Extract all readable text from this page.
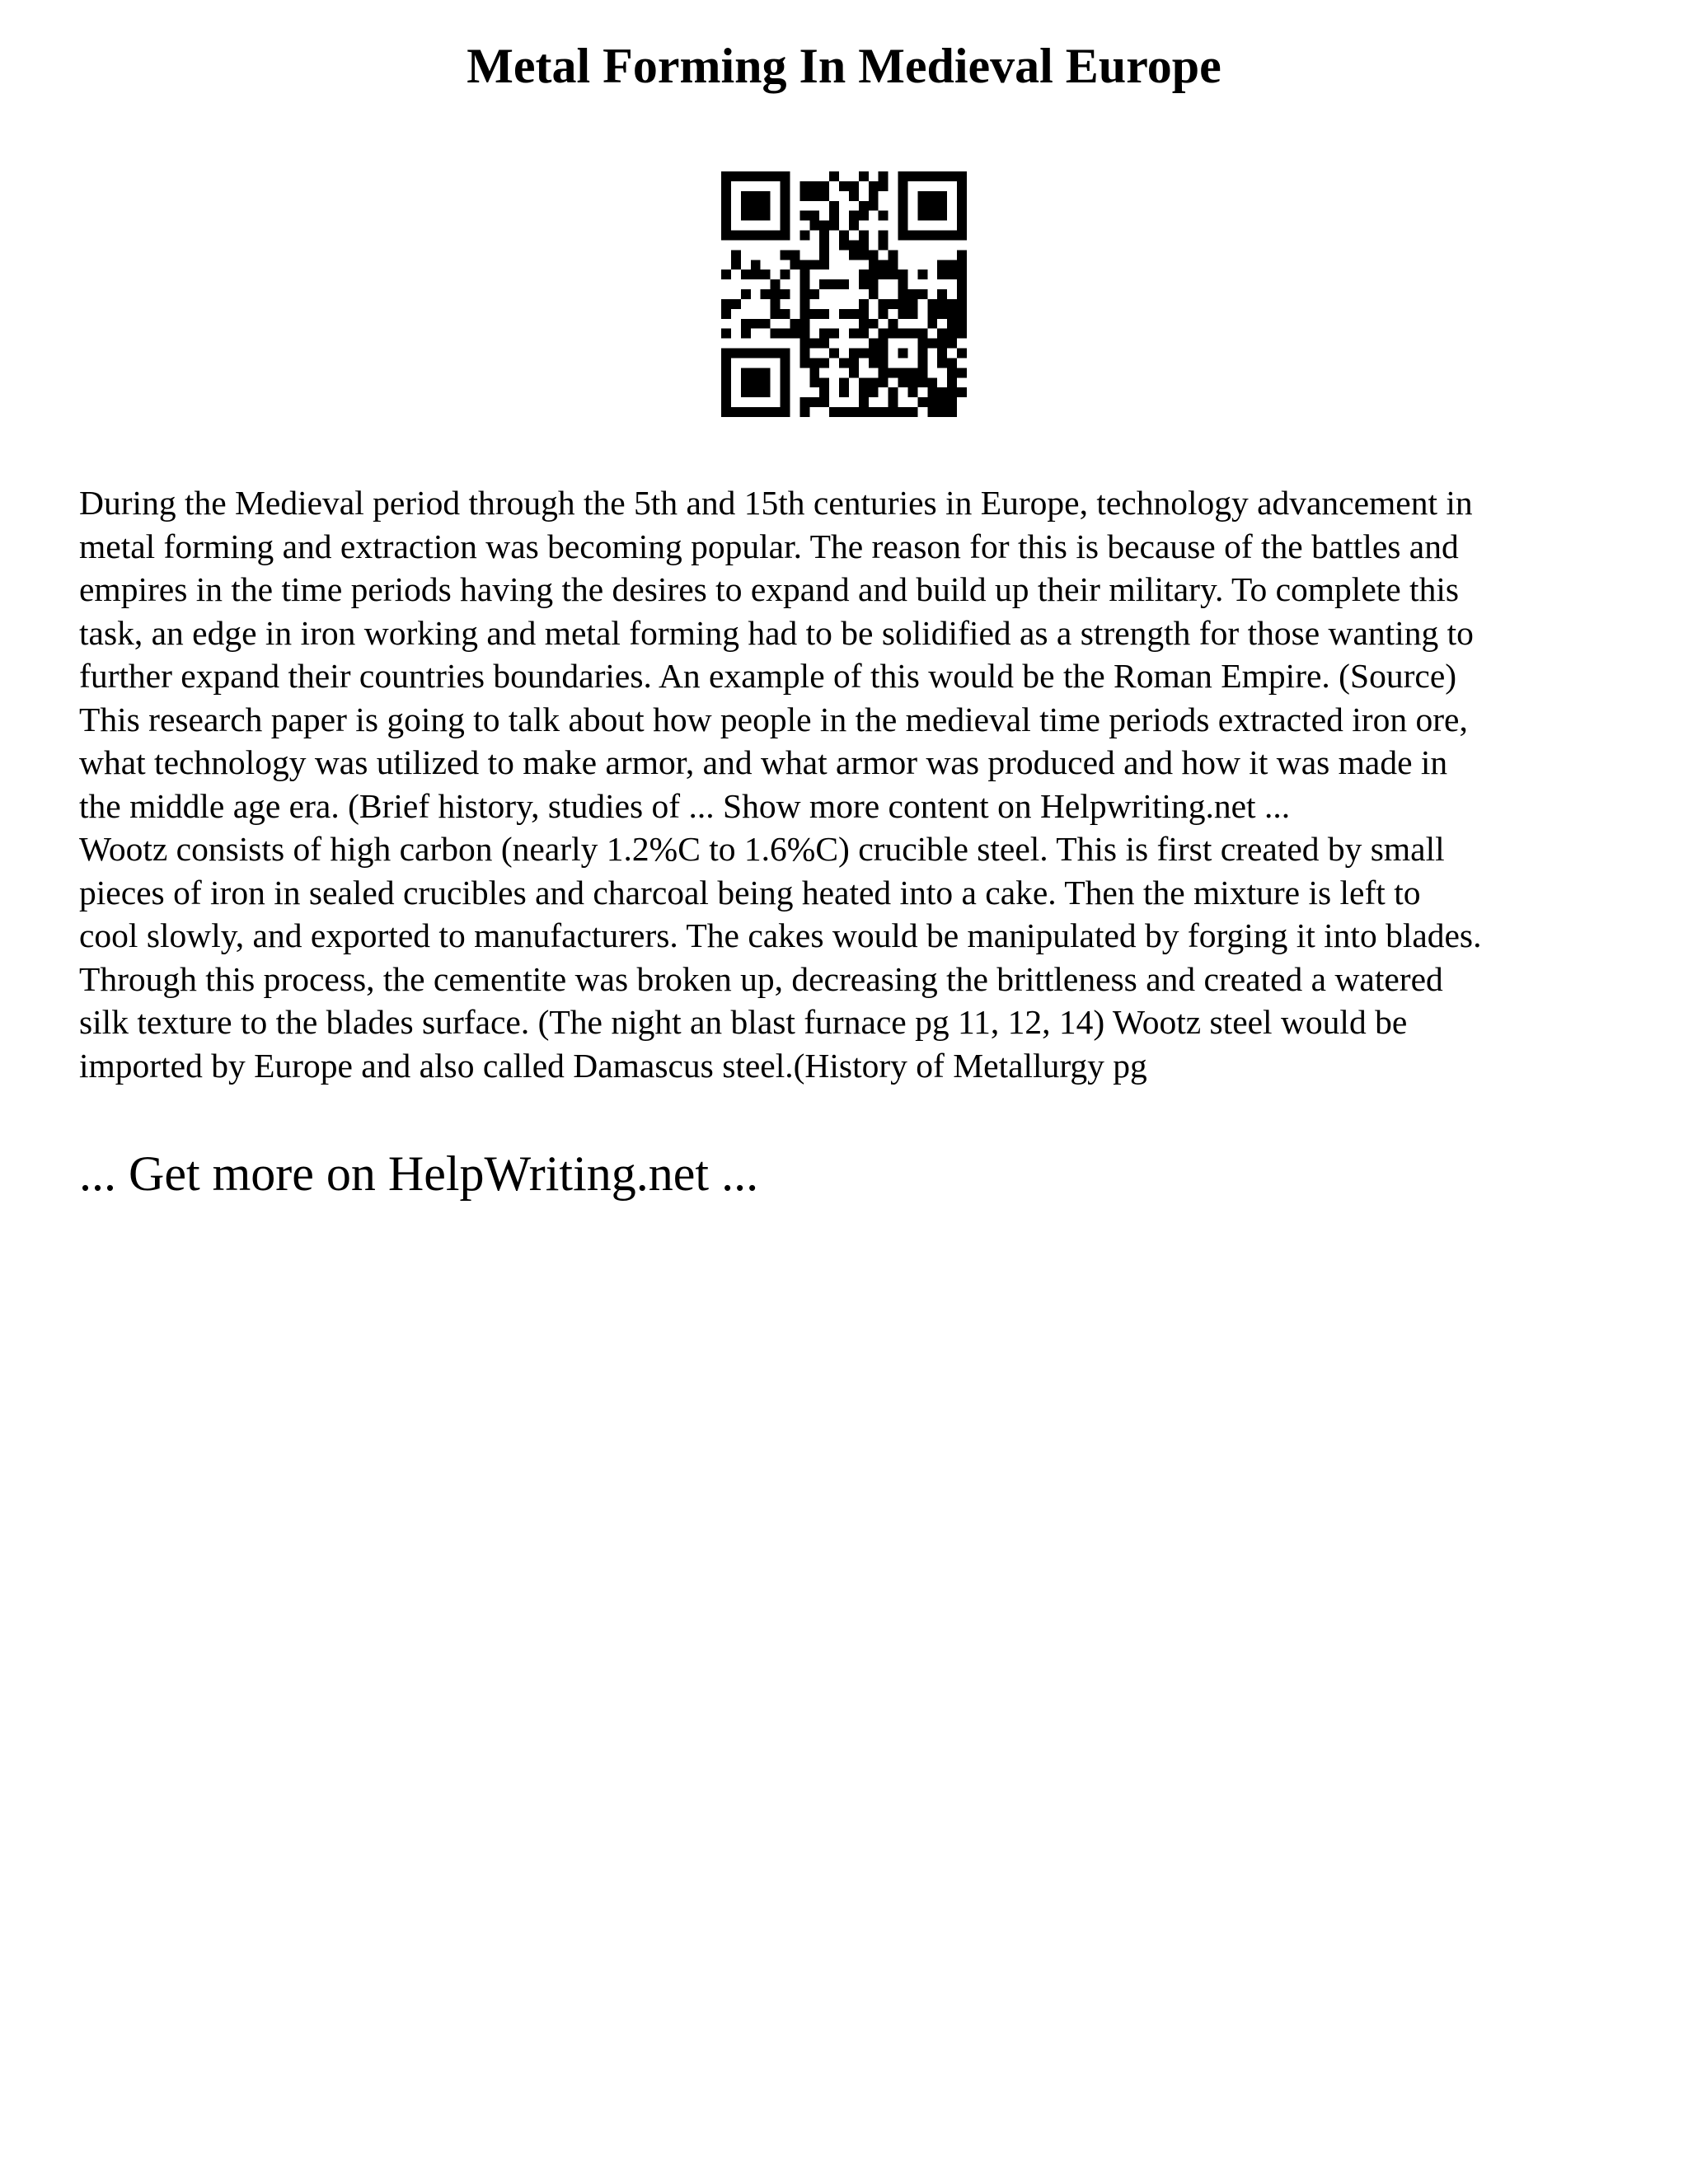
Metal Forming In Medieval Europe

During the Medieval period through the 5th and 15th centuries in Europe, technology advancement in
metal forming and extraction was becoming popular. The reason for this is because of the battles and
empires in the time periods having the desires to expand and build up their military. To complete this
task, an edge in iron working and metal forming had to be solidified as a strength for those wanting to
further expand their countries boundaries. An example of this would be the Roman Empire. (Source)
This research paper is going to talk about how people in the medieval time periods extracted iron ore,
what technology was utilized to make armor, and what armor was produced and how it was made in
the middle age era. (Brief history, studies of ... Show more content on Helpwriting.net ...

Wootz consists of high carbon (nearly 1.2%C to 1.6%C) crucible steel. This is first created by small
pieces of iron in sealed crucibles and charcoal being heated into a cake. Then the mixture is left to
cool slowly, and exported to manufacturers. The cakes would be manipulated by forging it into blades.
Through this process, the cementite was broken up, decreasing the brittleness and created a watered
silk texture to the blades surface. (The night an blast furnace pg 11, 12, 14) Wootz steel would be
imported by Europe and also called Damascus steel.(History of Metallurgy pg

... Get more on HelpWriting.net ...
